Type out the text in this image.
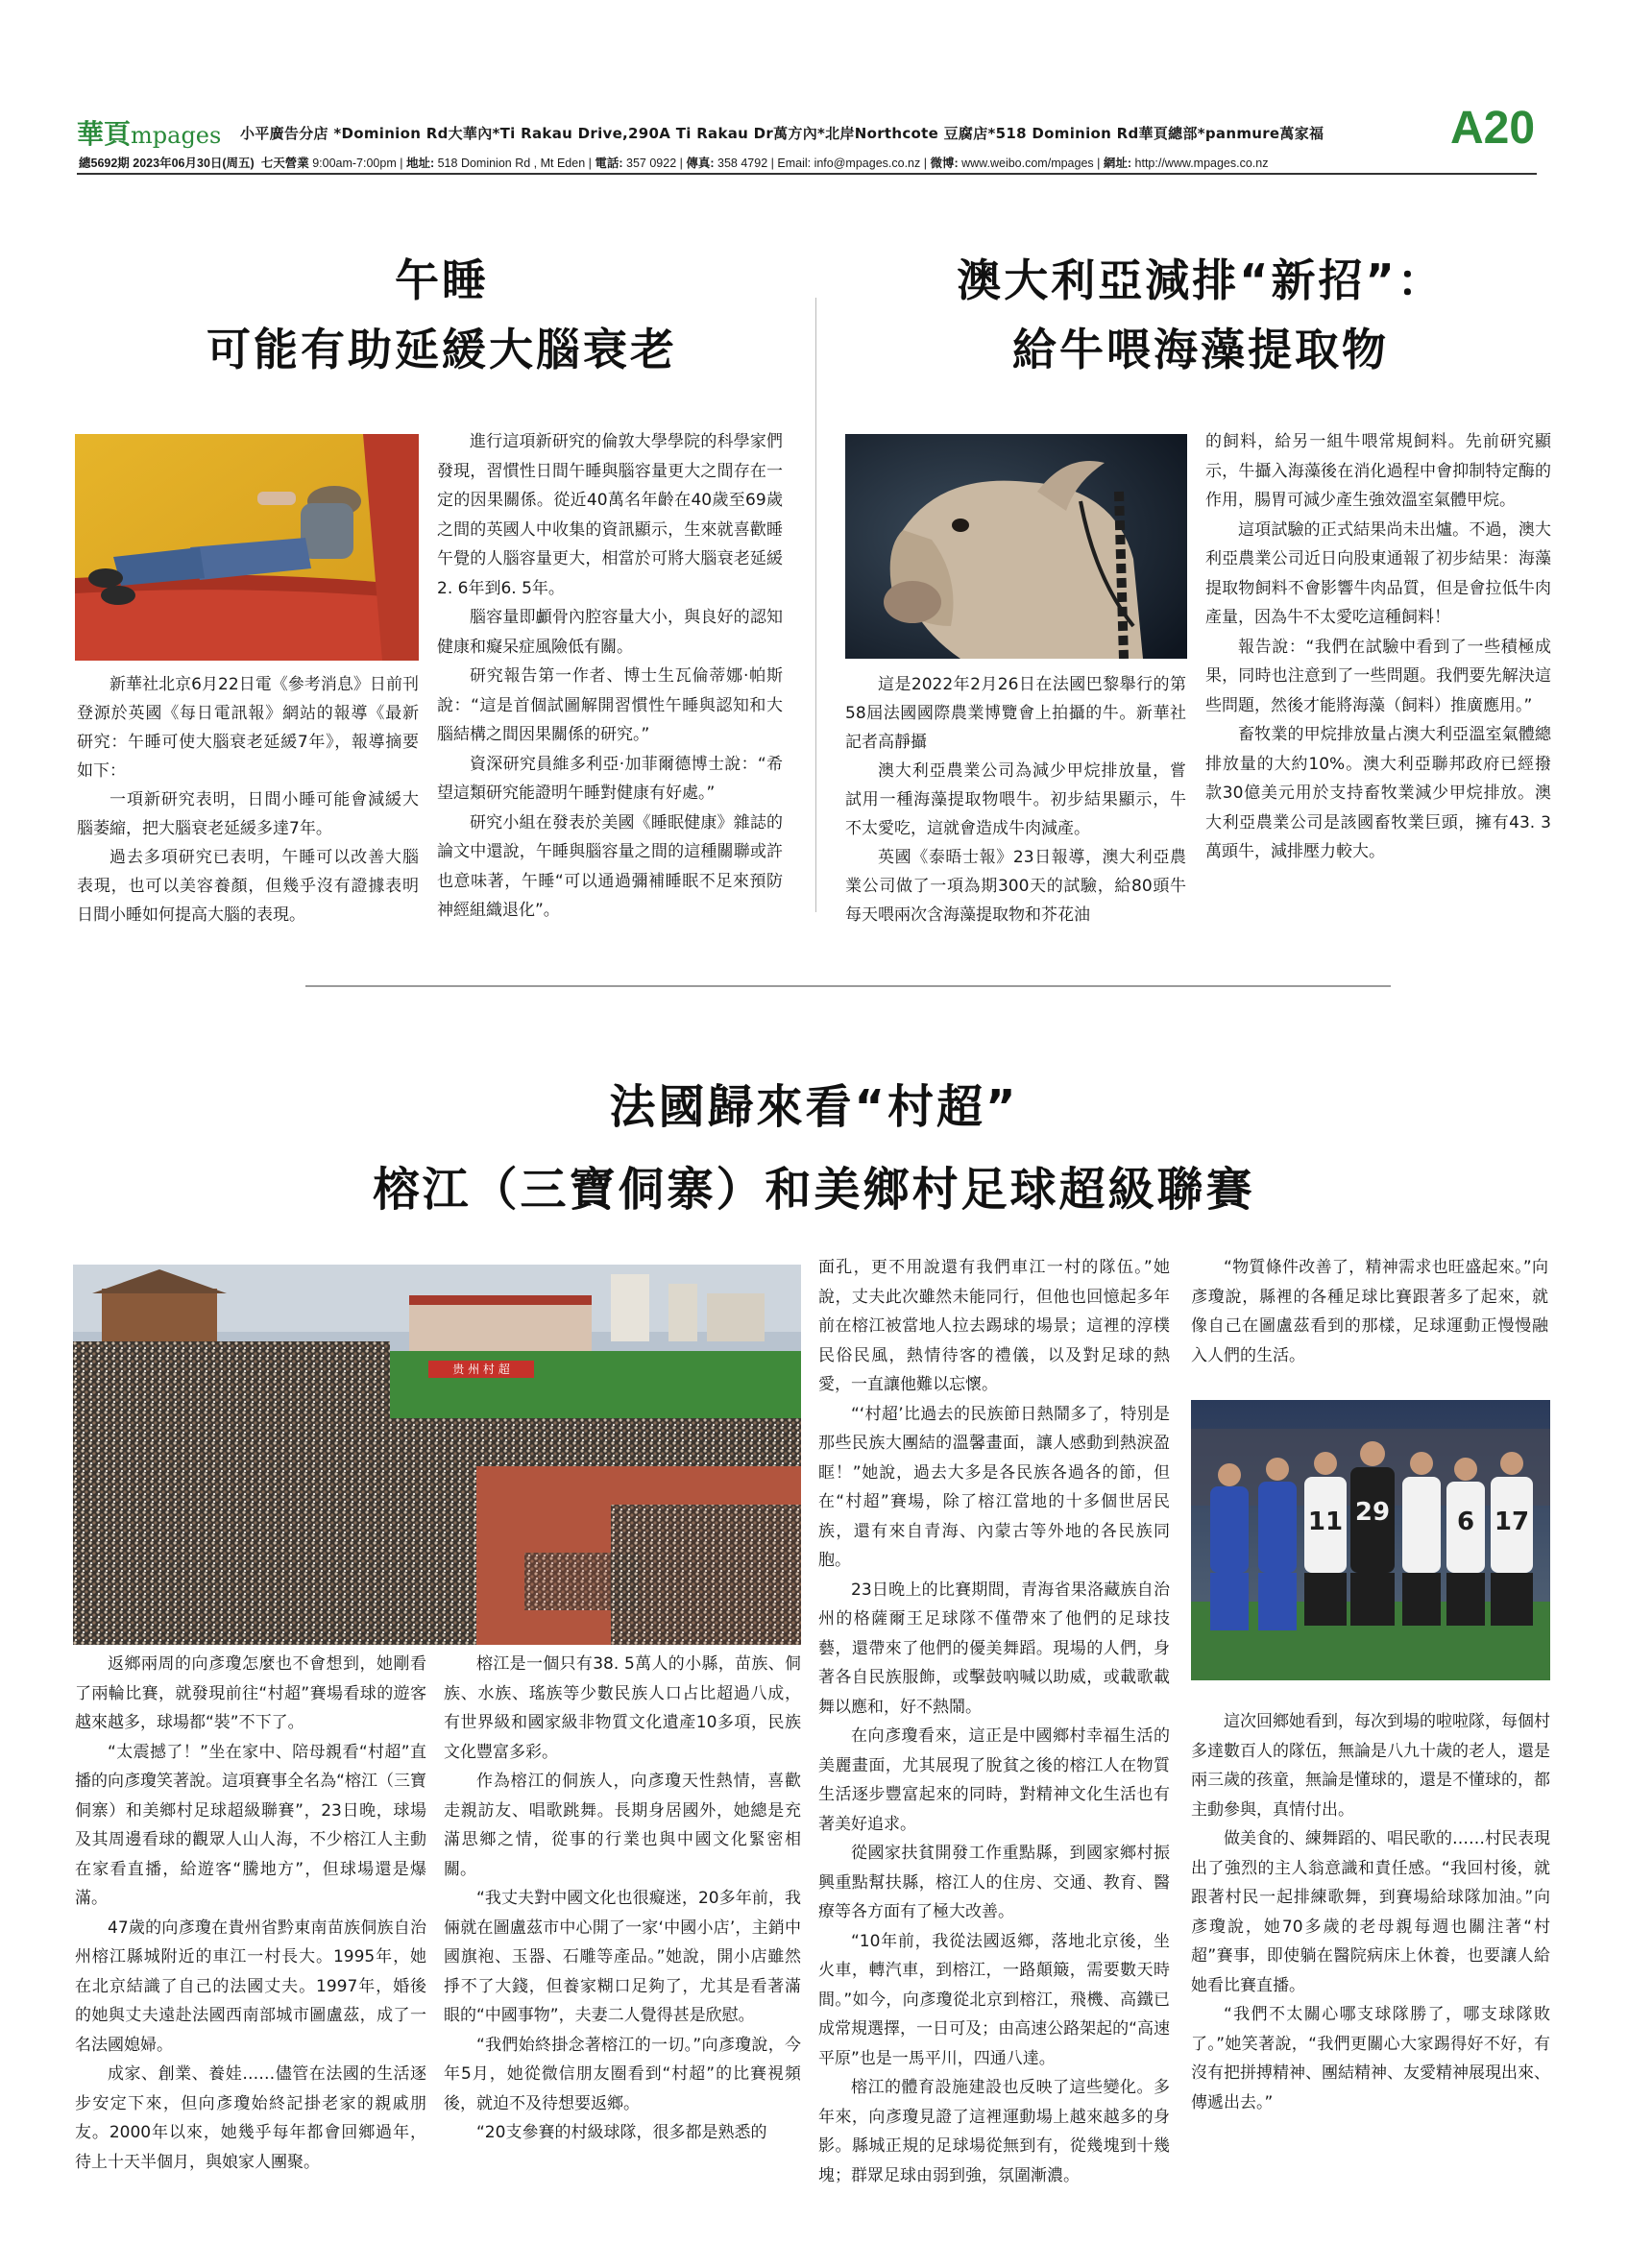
華頁mpages	小平廣告分店 *Dominion Rd大華內*Ti Rakau Drive,290A Ti Rakau Dr萬方內*北岸Northcote 豆腐店*518 Dominion Rd華頁總部*panmure萬家福	A20
總5692期 2023年06月30日(周五) 七天營業 9:00am-7:00pm | 地址: 518 Dominion Rd , Mt Eden | 電話: 357 0922 | 傳真: 358 4792 | Email: info@mpages.co.nz | 微博: www.weibo.com/mpages | 網址: http://www.mpages.co.nz
午睡
可能有助延緩大腦衰老

新華社北京6月22日電《參考消息》日前刊登源於英國《每日電訊報》網站的報導《最新研究：午睡可使大腦衰老延緩7年》，報導摘要如下：

一項新研究表明，日間小睡可能會減緩大腦萎縮，把大腦衰老延緩多達7年。

過去多項研究已表明，午睡可以改善大腦表現，也可以美容養顏，但幾乎沒有證據表明日間小睡如何提高大腦的表現。

進行這項新研究的倫敦大學學院的科學家們發現，習慣性日間午睡與腦容量更大之間存在一定的因果關係。從近40萬名年齡在40歲至69歲之間的英國人中收集的資訊顯示，生來就喜歡睡午覺的人腦容量更大，相當於可將大腦衰老延緩2. 6年到6. 5年。

腦容量即顱骨內腔容量大小，與良好的認知健康和癡呆症風險低有關。

研究報告第一作者、博士生瓦倫蒂娜·帕斯說：“這是首個試圖解開習慣性午睡與認知和大腦結構之間因果關係的研究。”

資深研究員維多利亞·加菲爾德博士說：“希望這類研究能證明午睡對健康有好處。”

研究小組在發表於美國《睡眠健康》雜誌的論文中還說，午睡與腦容量之間的這種關聯或許也意味著，午睡“可以通過彌補睡眠不足來預防神經組織退化”。

澳大利亞減排“新招”：
給牛喂海藻提取物

這是2022年2月26日在法國巴黎舉行的第58屆法國國際農業博覽會上拍攝的牛。新華社記者高靜攝

澳大利亞農業公司為減少甲烷排放量，嘗試用一種海藻提取物喂牛。初步結果顯示，牛不太愛吃，這就會造成牛肉減產。

英國《泰晤士報》23日報導，澳大利亞農業公司做了一項為期300天的試驗，給80頭牛每天喂兩次含海藻提取物和芥花油

的飼料，給另一組牛喂常規飼料。先前研究顯示，牛攝入海藻後在消化過程中會抑制特定酶的作用，腸胃可減少產生強效溫室氣體甲烷。

這項試驗的正式結果尚未出爐。不過，澳大利亞農業公司近日向股東通報了初步結果：海藻提取物飼料不會影響牛肉品質，但是會拉低牛肉產量，因為牛不太愛吃這種飼料！

報告說：“我們在試驗中看到了一些積極成果，同時也注意到了一些問題。我們要先解決這些問題，然後才能將海藻（飼料）推廣應用。”

畜牧業的甲烷排放量占澳大利亞溫室氣體總排放量的大約10%。澳大利亞聯邦政府已經撥款30億美元用於支持畜牧業減少甲烷排放。澳大利亞農業公司是該國畜牧業巨頭，擁有43. 3萬頭牛，減排壓力較大。

法國歸來看“村超”
榕江（三寶侗寨）和美鄉村足球超級聯賽
贵 州 村 超

返鄉兩周的向彥瓊怎麼也不會想到，她剛看了兩輪比賽，就發現前往“村超”賽場看球的遊客越來越多，球場都“裝”不下了。

“太震撼了！”坐在家中、陪母親看“村超”直播的向彥瓊笑著說。這項賽事全名為“榕江（三寶侗寨）和美鄉村足球超級聯賽”，23日晚，球場及其周邊看球的觀眾人山人海，不少榕江人主動在家看直播，給遊客“騰地方”，但球場還是爆滿。

47歲的向彥瓊在貴州省黔東南苗族侗族自治州榕江縣城附近的車江一村長大。1995年，她在北京結識了自己的法國丈夫。1997年，婚後的她與丈夫遠赴法國西南部城市圖盧茲，成了一名法國媳婦。

成家、創業、養娃……儘管在法國的生活逐步安定下來，但向彥瓊始終記掛老家的親戚朋友。2000年以來，她幾乎每年都會回鄉過年，待上十天半個月，與娘家人團聚。

榕江是一個只有38. 5萬人的小縣，苗族、侗族、水族、瑤族等少數民族人口占比超過八成，有世界級和國家級非物質文化遺產10多項，民族文化豐富多彩。

作為榕江的侗族人，向彥瓊天性熱情，喜歡走親訪友、唱歌跳舞。長期身居國外，她總是充滿思鄉之情，從事的行業也與中國文化緊密相關。

“我丈夫對中國文化也很癡迷，20多年前，我倆就在圖盧茲市中心開了一家‘中國小店’，主銷中國旗袍、玉器、石雕等產品。”她說，開小店雖然掙不了大錢，但養家糊口足夠了，尤其是看著滿眼的“中國事物”，夫妻二人覺得甚是欣慰。

“我們始終掛念著榕江的一切。”向彥瓊說，今年5月，她從微信朋友圈看到“村超”的比賽視頻後，就迫不及待想要返鄉。

“20支參賽的村級球隊，很多都是熟悉的

面孔，更不用說還有我們車江一村的隊伍。”她說，丈夫此次雖然未能同行，但他也回憶起多年前在榕江被當地人拉去踢球的場景；這裡的淳樸民俗民風，熱情待客的禮儀，以及對足球的熱愛，一直讓他難以忘懷。

“‘村超’比過去的民族節日熱鬧多了，特別是那些民族大團結的溫馨畫面，讓人感動到熱淚盈眶！”她說，過去大多是各民族各過各的節，但在“村超”賽場，除了榕江當地的十多個世居民族，還有來自青海、內蒙古等外地的各民族同胞。

23日晚上的比賽期間，青海省果洛藏族自治州的格薩爾王足球隊不僅帶來了他們的足球技藝，還帶來了他們的優美舞蹈。現場的人們，身著各自民族服飾，或擊鼓吶喊以助威，或載歌載舞以應和，好不熱鬧。

在向彥瓊看來，這正是中國鄉村幸福生活的美麗畫面，尤其展現了脫貧之後的榕江人在物質生活逐步豐富起來的同時，對精神文化生活也有著美好追求。

從國家扶貧開發工作重點縣，到國家鄉村振興重點幫扶縣，榕江人的住房、交通、教育、醫療等各方面有了極大改善。

“10年前，我從法國返鄉，落地北京後，坐火車，轉汽車，到榕江，一路顛簸，需要數天時間。”如今，向彥瓊從北京到榕江，飛機、高鐵已成常規選擇，一日可及；由高速公路架起的“高速平原”也是一馬平川，四通八達。

榕江的體育設施建設也反映了這些變化。多年來，向彥瓊見證了這裡運動場上越來越多的身影。縣城正規的足球場從無到有，從幾塊到十幾塊；群眾足球由弱到強，氛圍漸濃。

“物質條件改善了，精神需求也旺盛起來。”向彥瓊說，縣裡的各種足球比賽跟著多了起來，就像自己在圖盧茲看到的那樣，足球運動正慢慢融入人們的生活。

11 29	6 17

這次回鄉她看到，每次到場的啦啦隊，每個村多達數百人的隊伍，無論是八九十歲的老人，還是兩三歲的孩童，無論是懂球的，還是不懂球的，都主動參與，真情付出。

做美食的、練舞蹈的、唱民歌的……村民表現出了強烈的主人翁意識和責任感。“我回村後，就跟著村民一起排練歌舞，到賽場給球隊加油。”向彥瓊說，她70多歲的老母親每週也關注著“村超”賽事，即使躺在醫院病床上休養，也要讓人給她看比賽直播。

“我們不太關心哪支球隊勝了，哪支球隊敗了。”她笑著說，“我們更關心大家踢得好不好，有沒有把拼搏精神、團結精神、友愛精神展現出來、傳遞出去。”
